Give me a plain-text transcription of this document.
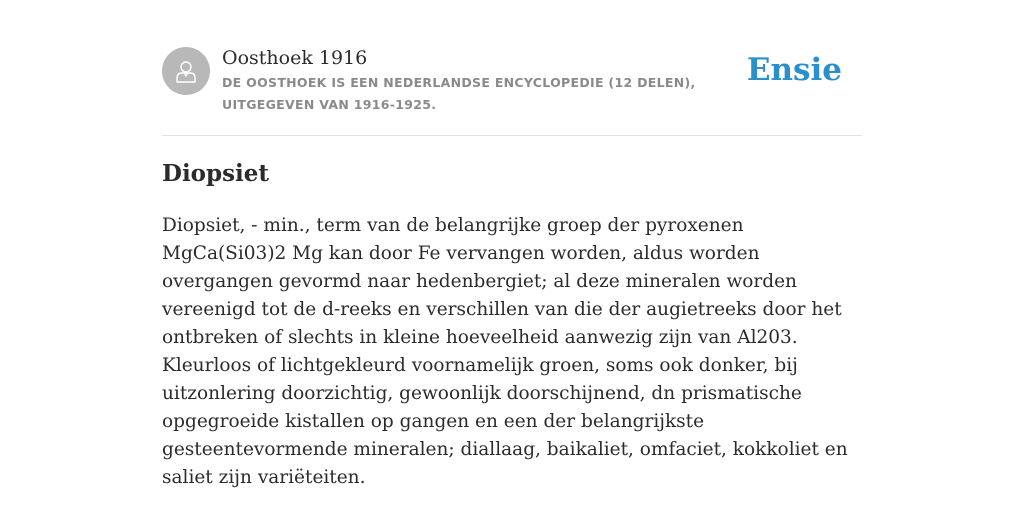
Oosthoek 1916
DE OOSTHOEK IS EEN NEDERLANDSE ENCYCLOPEDIE (12 DELEN), UITGEGEVEN VAN 1916-1925.
Ensie
Diopsiet

Diopsiet, - min., term van de belangrijke groep der pyroxenen MgCa(Si03)2 Mg kan door Fe vervangen worden, aldus worden overgangen gevormd naar hedenbergiet; al deze mineralen worden vereenigd tot de d-reeks en verschillen van die der augietreeks door het ontbreken of slechts in kleine hoeveelheid aanwezig zijn van Al203. Kleurloos of lichtgekleurd voornamelijk groen, soms ook donker, bij uitzonlering doorzichtig, gewoonlijk doorschijnend, dn prismatische opgegroeide kistallen op gangen en een der belangrijkste gesteentevormende mineralen; diallaag, baikaliet, omfaciet, kokkoliet en saliet zijn variëteiten.
